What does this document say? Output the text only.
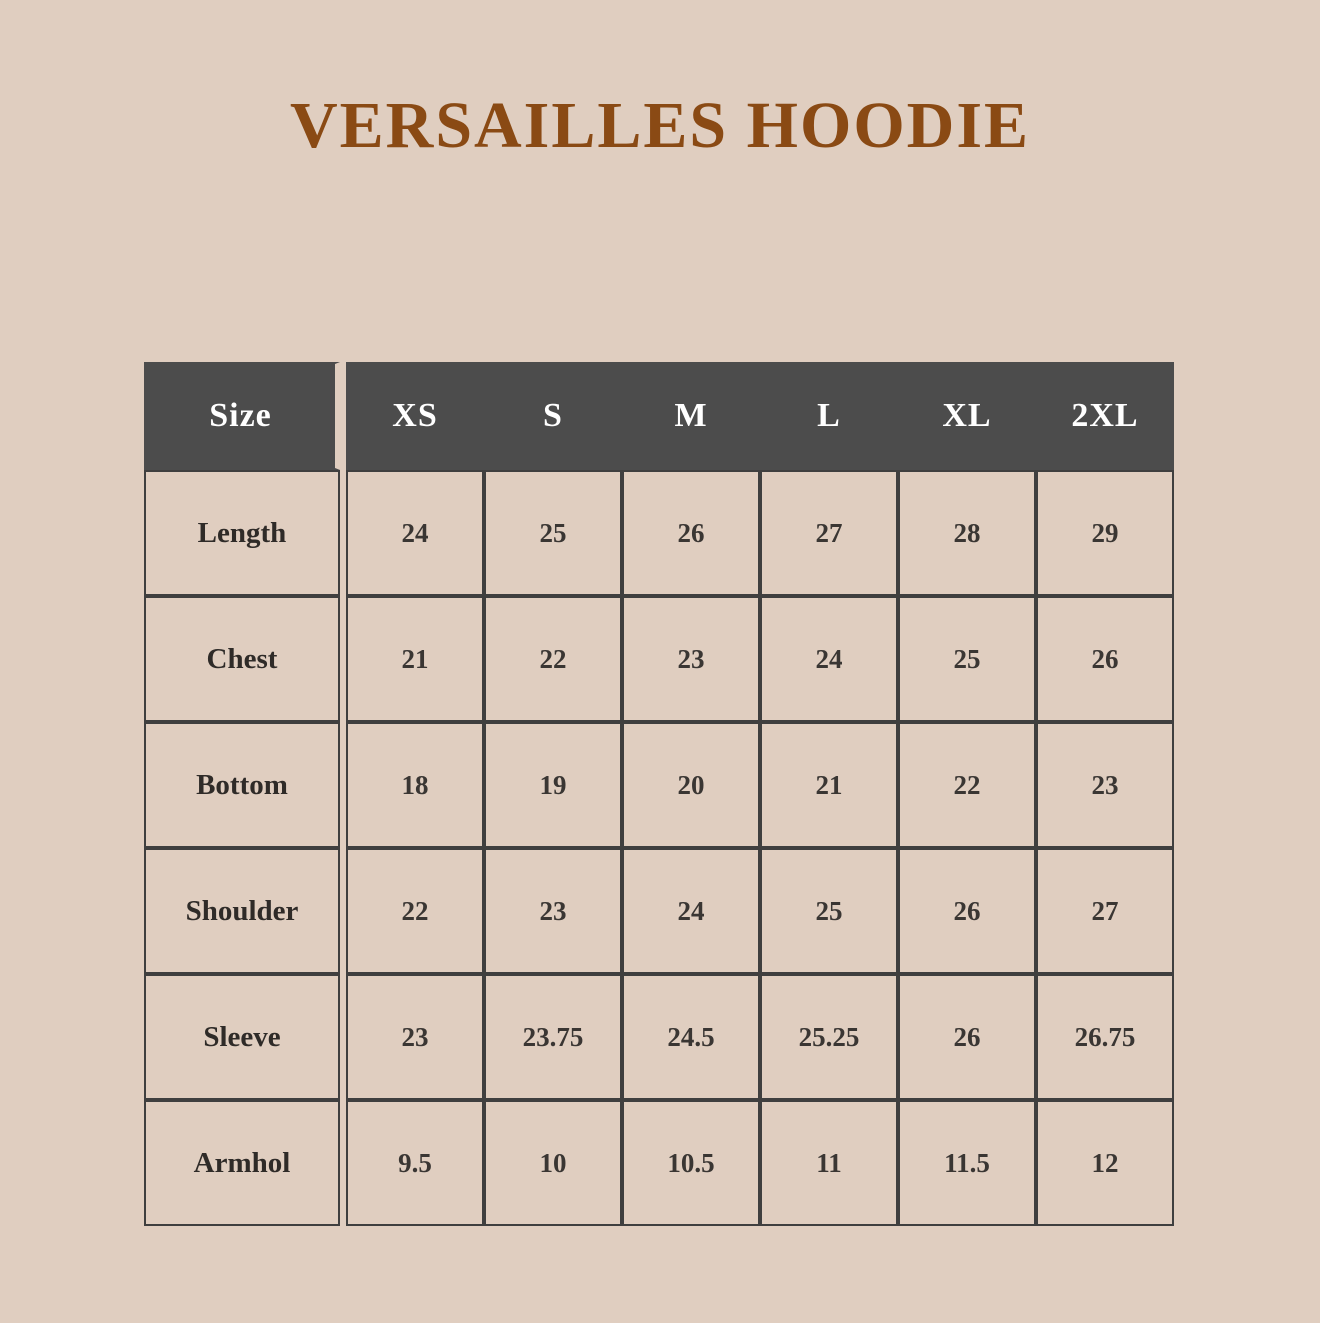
VERSAILLES HOODIE
Size		XS	S	M	L	XL	2XL
Length		24	25	26	27	28	29
Chest		21	22	23	24	25	26
Bottom		18	19	20	21	22	23
Shoulder		22	23	24	25	26	27
Sleeve		23	23.75	24.5	25.25	26	26.75
Armhol		9.5	10	10.5	11	11.5	12
